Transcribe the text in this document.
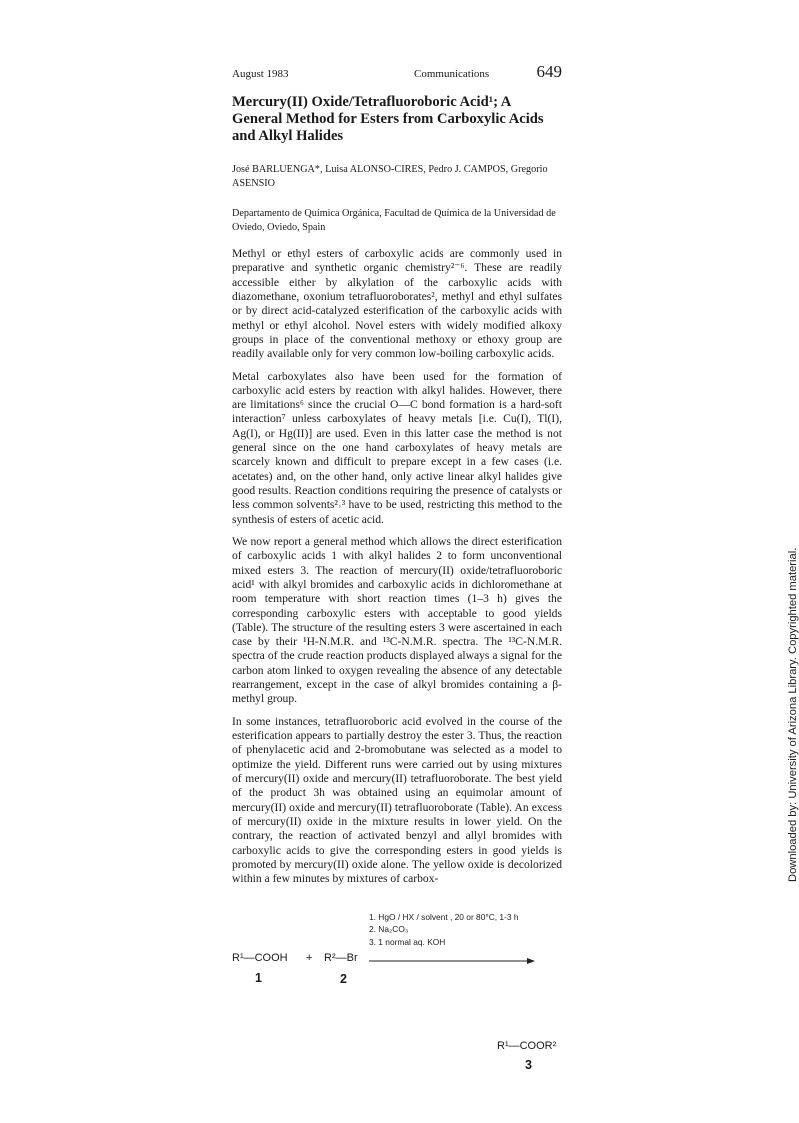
August 1983	Communications	649
Mercury(II) Oxide/Tetrafluoroboric Acid¹; A General Method for Esters from Carboxylic Acids and Alkyl Halides
José BARLUENGA*, Luisa ALONSO-CIRES, Pedro J. CAMPOS, Gregorio ASENSIO
Departamento de Química Orgánica, Facultad de Química de la Universidad de Oviedo, Oviedo, Spain

Methyl or ethyl esters of carboxylic acids are commonly used in preparative and synthetic organic chemistry²⁻⁶. These are readily accessible either by alkylation of the carboxylic acids with diazomethane, oxonium tetrafluoroborates², methyl and ethyl sulfates or by direct acid-catalyzed esterification of the carboxylic acids with methyl or ethyl alcohol. Novel esters with widely modified alkoxy groups in place of the conventional methoxy or ethoxy group are readily available only for very common low-boiling carboxylic acids.

Metal carboxylates also have been used for the formation of carboxylic acid esters by reaction with alkyl halides. However, there are limitations⁶ since the crucial O—C bond formation is a hard-soft interaction⁷ unless carboxylates of heavy metals [i.e. Cu(I), Tl(I), Ag(I), or Hg(II)] are used. Even in this latter case the method is not general since on the one hand carboxylates of heavy metals are scarcely known and difficult to prepare except in a few cases (i.e. acetates) and, on the other hand, only active linear alkyl halides give good results. Reaction conditions requiring the presence of catalysts or less common solvents²˒³ have to be used, restricting this method to the synthesis of esters of acetic acid.

We now report a general method which allows the direct esterification of carboxylic acids 1 with alkyl halides 2 to form unconventional mixed esters 3. The reaction of mercury(II) oxide/tetrafluoroboric acid¹ with alkyl bromides and carboxylic acids in dichloromethane at room temperature with short reaction times (1–3 h) gives the corresponding carboxylic esters with acceptable to good yields (Table). The structure of the resulting esters 3 were ascertained in each case by their ¹H-N.M.R. and ¹³C-N.M.R. spectra. The ¹³C-N.M.R. spectra of the crude reaction products displayed always a signal for the carbon atom linked to oxygen revealing the absence of any detectable rearrangement, except in the case of alkyl bromides containing a β-methyl group.

In some instances, tetrafluoroboric acid evolved in the course of the esterification appears to partially destroy the ester 3. Thus, the reaction of phenylacetic acid and 2-bromobutane was selected as a model to optimize the yield. Different runs were carried out by using mixtures of mercury(II) oxide and mercury(II) tetrafluoroborate. The best yield of the product 3h was obtained using an equimolar amount of mercury(II) oxide and mercury(II) tetrafluoroborate (Table). An excess of mercury(II) oxide in the mixture results in lower yield. On the contrary, the reaction of activated benzyl and allyl bromides with carboxylic acids to give the corresponding esters in good yields is promoted by mercury(II) oxide alone. The yellow oxide is decolorized within a few minutes by mixtures of carbox-	Downloaded by: University of Arizona Library. Copyrighted material.
1. HgO / HX / solvent , 20 or 80°C, 1-3 h
2. Na₂CO₃
3. 1 normal aq. KOH
R¹—COOH + R²—Br
1	2
R¹—COOR²
3
